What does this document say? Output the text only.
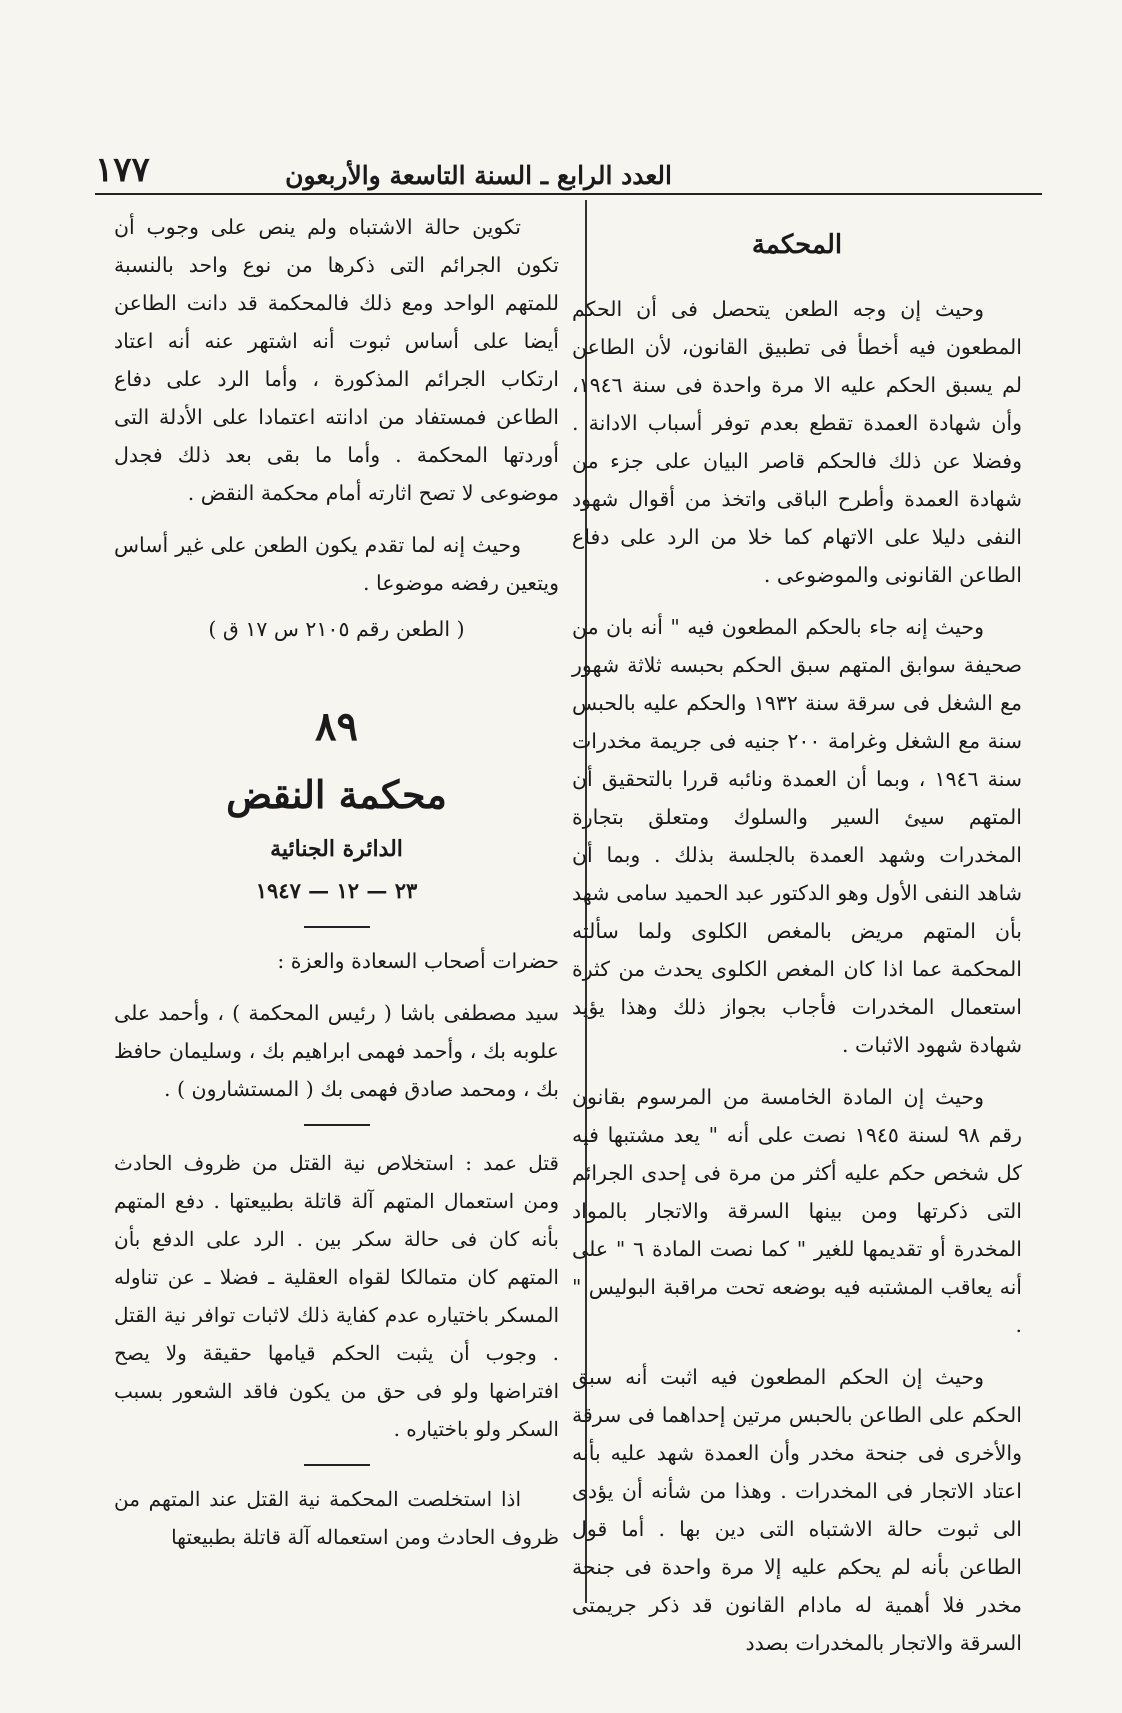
العدد الرابع ـ السنة التاسعة والأربعون
١٧٧

المحكمة

وحيث إن وجه الطعن يتحصل فى أن الحكم المطعون فيه أخطأ فى تطبيق القانون، لأن الطاعن لم يسبق الحكم عليه الا مرة واحدة فى سنة ١٩٤٦، وأن شهادة العمدة تقطع بعدم توفر أسباب الادانة . وفضلا عن ذلك فالحكم قاصر البيان على جزء من شهادة العمدة وأطرح الباقى واتخذ من أقوال شهود النفى دليلا على الاتهام كما خلا من الرد على دفاع الطاعن القانونى والموضوعى .

وحيث إنه جاء بالحكم المطعون فيه " أنه بان من صحيفة سوابق المتهم سبق الحكم بحبسه ثلاثة شهور مع الشغل فى سرقة سنة ١٩٣٢ والحكم عليه بالحبس سنة مع الشغل وغرامة ٢٠٠ جنيه فى جريمة مخدرات سنة ١٩٤٦ ، وبما أن العمدة ونائبه قررا بالتحقيق أن المتهم سيئ السير والسلوك ومتعلق بتجارة المخدرات وشهد العمدة بالجلسة بذلك . وبما أن شاهد النفى الأول وهو الدكتور عبد الحميد سامى شهد بأن المتهم مريض بالمغص الكلوى ولما سألته المحكمة عما اذا كان المغص الكلوى يحدث من كثرة استعمال المخدرات فأجاب بجواز ذلك وهذا يؤيد شهادة شهود الاثبات .

وحيث إن المادة الخامسة من المرسوم بقانون رقم ٩٨ لسنة ١٩٤٥ نصت على أنه " يعد مشتبها فيه كل شخص حكم عليه أكثر من مرة فى إحدى الجرائم التى ذكرتها ومن بينها السرقة والاتجار بالمواد المخدرة أو تقديمها للغير " كما نصت المادة ٦ " على أنه يعاقب المشتبه فيه بوضعه تحت مراقبة البوليس " .

وحيث إن الحكم المطعون فيه اثبت أنه سبق الحكم على الطاعن بالحبس مرتين إحداهما فى سرقة والأخرى فى جنحة مخدر وأن العمدة شهد عليه بأنه اعتاد الاتجار فى المخدرات . وهذا من شأنه أن يؤدى الى ثبوت حالة الاشتباه التى دين بها . أما قول الطاعن بأنه لم يحكم عليه إلا مرة واحدة فى جنحة مخدر فلا أهمية له مادام القانون قد ذكر جريمتى السرقة والاتجار بالمخدرات بصدد

تكوين حالة الاشتباه ولم ينص على وجوب أن تكون الجرائم التى ذكرها من نوع واحد بالنسبة للمتهم الواحد ومع ذلك فالمحكمة قد دانت الطاعن أيضا على أساس ثبوت أنه اشتهر عنه أنه اعتاد ارتكاب الجرائم المذكورة ، وأما الرد على دفاع الطاعن فمستفاد من ادانته اعتمادا على الأدلة التى أوردتها المحكمة . وأما ما بقى بعد ذلك فجدل موضوعى لا تصح اثارته أمام محكمة النقض .

وحيث إنه لما تقدم يكون الطعن على غير أساس ويتعين رفضه موضوعا .

( الطعن رقم ٢١٠٥ س ١٧ ق )

٨٩

محكمة النقض

الدائرة الجنائية

٢٣ — ١٢ — ١٩٤٧

حضرات أصحاب السعادة والعزة :

سيد مصطفى باشا ( رئيس المحكمة ) ، وأحمد على علوبه بك ، وأحمد فهمى ابراهيم بك ، وسليمان حافظ بك ، ومحمد صادق فهمى بك ( المستشارون ) .

قتل عمد : استخلاص نية القتل من ظروف الحادث ومن استعمال المتهم آلة قاتلة بطبيعتها . دفع المتهم بأنه كان فى حالة سكر بين . الرد على الدفع بأن المتهم كان متمالكا لقواه العقلية ـ فضلا ـ عن تناوله المسكر باختياره عدم كفاية ذلك لاثبات توافر نية القتل . وجوب أن يثبت الحكم قيامها حقيقة ولا يصح افتراضها ولو فى حق من يكون فاقد الشعور بسبب السكر ولو باختياره .

اذا استخلصت المحكمة نية القتل عند المتهم من ظروف الحادث ومن استعماله آلة قاتلة بطبيعتها
